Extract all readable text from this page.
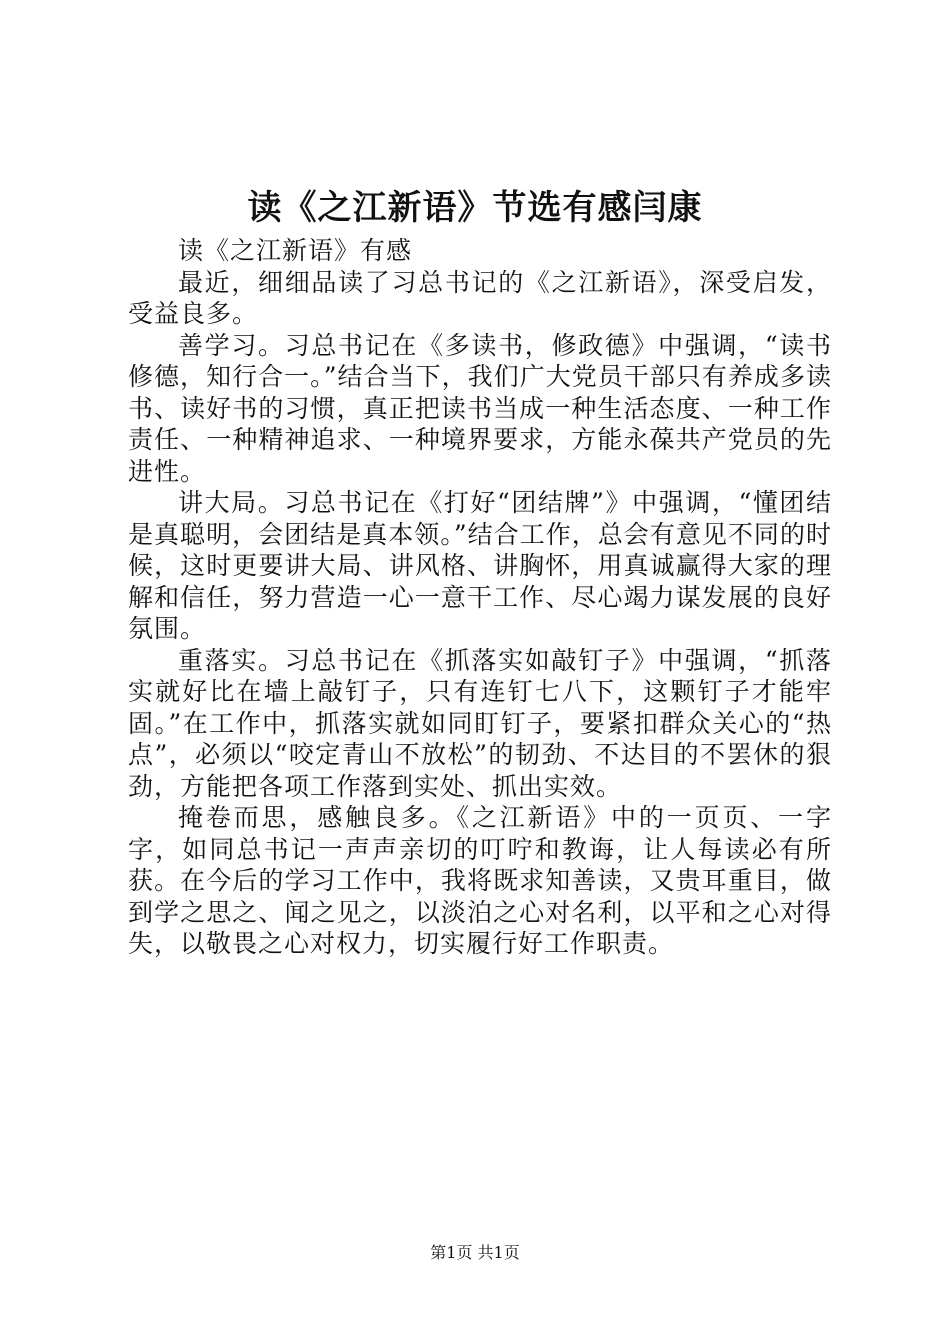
读《之江新语》节选有感闫康

读《之江新语》有感

最近，细细品读了习总书记的《之江新语》，深受启发，受益良多。

善学习。习总书记在《多读书，修政德》中强调，“读书修德，知行合一。”结合当下，我们广大党员干部只有养成多读书、读好书的习惯，真正把读书当成一种生活态度、一种工作责任、一种精神追求、一种境界要求，方能永葆共产党员的先进性。

讲大局。习总书记在《打好“团结牌”》中强调，“懂团结是真聪明，会团结是真本领。”结合工作，总会有意见不同的时候，这时更要讲大局、讲风格、讲胸怀，用真诚赢得大家的理解和信任，努力营造一心一意干工作、尽心竭力谋发展的良好氛围。

重落实。习总书记在《抓落实如敲钉子》中强调，“抓落实就好比在墙上敲钉子，只有连钉七八下，这颗钉子才能牢固。”在工作中，抓落实就如同盯钉子，要紧扣群众关心的“热点”，必须以“咬定青山不放松”的韧劲、不达目的不罢休的狠劲，方能把各项工作落到实处、抓出实效。

掩卷而思，感触良多。《之江新语》中的一页页、一字字，如同总书记一声声亲切的叮咛和教诲，让人每读必有所获。在今后的学习工作中，我将既求知善读，又贵耳重目，做到学之思之、闻之见之，以淡泊之心对名利，以平和之心对得失，以敬畏之心对权力，切实履行好工作职责。

第1页 共1页
